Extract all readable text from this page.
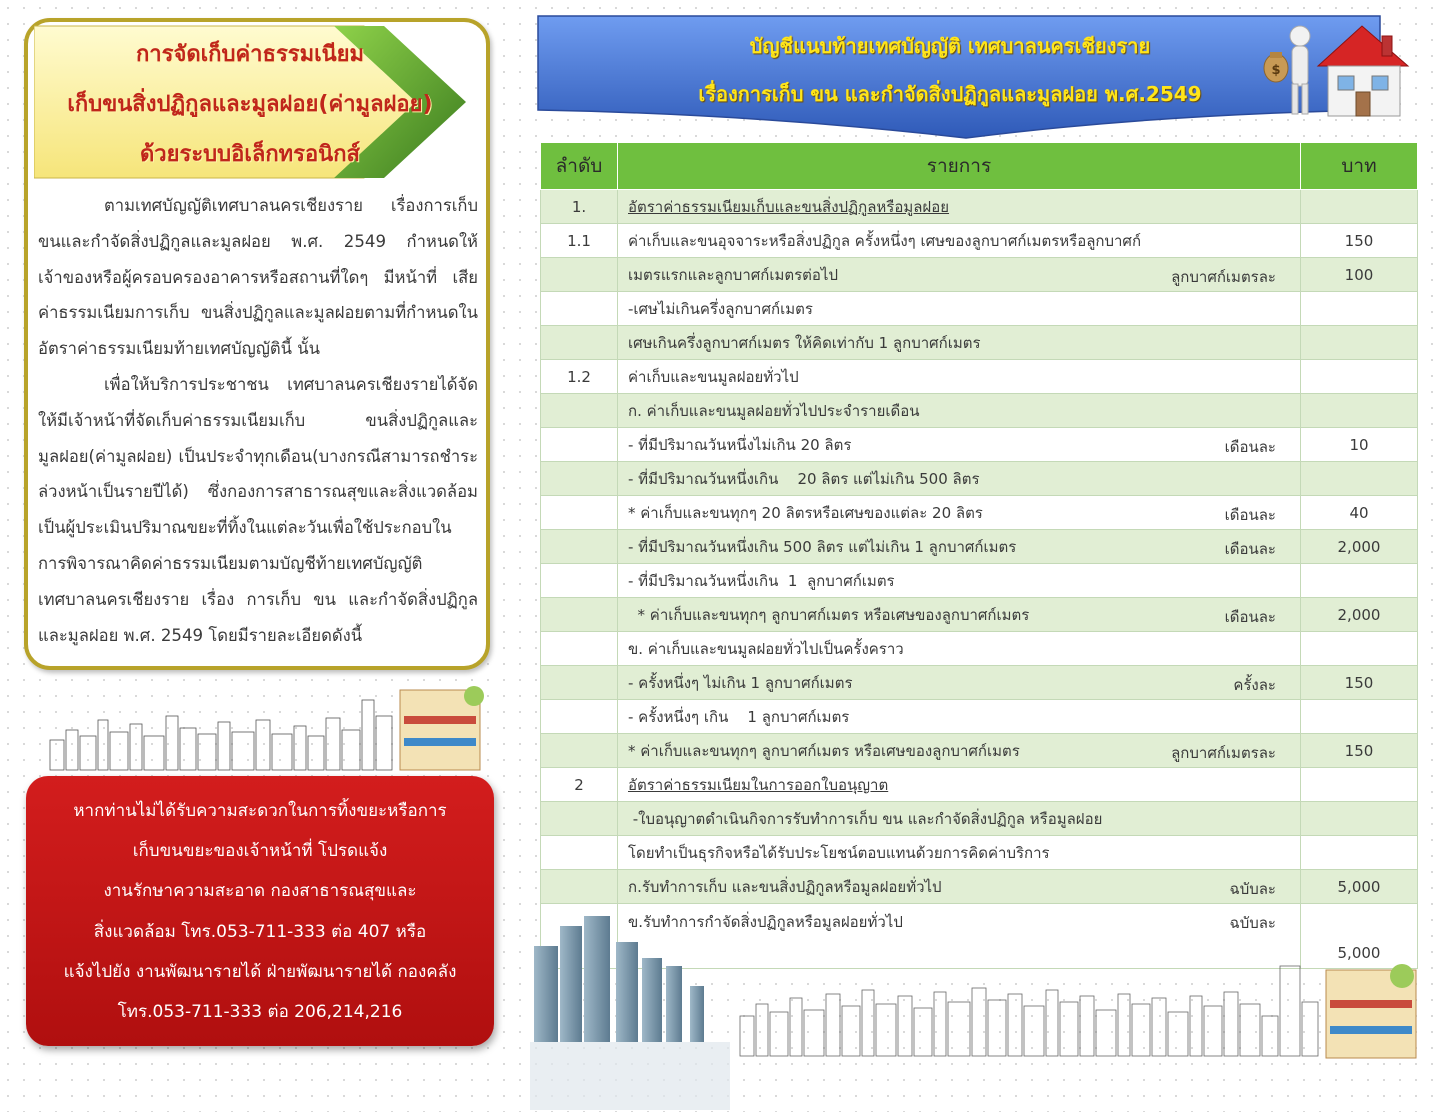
การจัดเก็บค่าธรรมเนียม
เก็บขนสิ่งปฏิกูลและมูลฝอย(ค่ามูลฝอย)
ด้วยระบบอิเล็กทรอนิกส์

ตามเทศบัญญัติเทศบาลนครเชียงราย เรื่องการเก็บขนและกำจัดสิ่งปฏิกูลและมูลฝอย พ.ศ. 2549 กำหนดให้เจ้าของหรือผู้ครอบครองอาคารหรือสถานที่ใดๆ มีหน้าที่ เสียค่าธรรมเนียมการเก็บ ขนสิ่งปฏิกูลและมูลฝอยตามที่กำหนดในอัตราค่าธรรมเนียมท้ายเทศบัญญัตินี้ นั้น

เพื่อให้บริการประชาชน เทศบาลนครเชียงรายได้จัดให้มีเจ้าหน้าที่จัดเก็บค่าธรรมเนียมเก็บ ขนสิ่งปฏิกูลและมูลฝอย(ค่ามูลฝอย) เป็นประจำทุกเดือน(บางกรณีสามารถชำระล่วงหน้าเป็นรายปีได้) ซึ่งกองการสาธารณสุขและสิ่งแวดล้อมเป็นผู้ประเมินปริมาณขยะที่ทิ้งในแต่ละวันเพื่อใช้ประกอบในการพิจารณาคิดค่าธรรมเนียมตามบัญชีท้ายเทศบัญญัติเทศบาลนครเชียงราย เรื่อง การเก็บ ขน และกำจัดสิ่งปฏิกูลและมูลฝอย พ.ศ. 2549 โดยมีรายละเอียดดังนี้

หากท่านไม่ได้รับความสะดวกในการทิ้งขยะหรือการ
เก็บขนขยะของเจ้าหน้าที่ โปรดแจ้ง
งานรักษาความสะอาด กองสาธารณสุขและ
สิ่งแวดล้อม โทร.053-711-333 ต่อ 407 หรือ
แจ้งไปยัง งานพัฒนารายได้ ฝ่ายพัฒนารายได้ กองคลัง
โทร.053-711-333 ต่อ 206,214,216
บัญชีแนบท้ายเทศบัญญัติ เทศบาลนครเชียงราย
เรื่องการเก็บ ขน และกำจัดสิ่งปฏิกูลและมูลฝอย พ.ศ.2549
$
ลำดับ	รายการ	บาท
1.	อัตราค่าธรรมเนียมเก็บและขนสิ่งปฏิกูลหรือมูลฝอย

1.1	ค่าเก็บและขนอุจจาระหรือสิ่งปฏิกูล ครั้งหนึ่งๆ เศษของลูกบาศก์เมตรหรือลูกบาศก์	150
	เมตรแรกและลูกบาศก์เมตรต่อไป ลูกบาศก์เมตรละ	100
	-เศษไม่เกินครึ่งลูกบาศก์เมตร

	เศษเกินครึ่งลูกบาศก์เมตร ให้คิดเท่ากับ 1 ลูกบาศก์เมตร

1.2	ค่าเก็บและขนมูลฝอยทั่วไป

	ก. ค่าเก็บและขนมูลฝอยทั่วไปประจำรายเดือน

	- ที่มีปริมาณวันหนึ่งไม่เกิน 20 ลิตร เดือนละ	10
	- ที่มีปริมาณวันหนึ่งเกิน    20 ลิตร แต่ไม่เกิน 500 ลิตร

	* ค่าเก็บและขนทุกๆ 20 ลิตรหรือเศษของแต่ละ 20 ลิตร เดือนละ	40
	- ที่มีปริมาณวันหนึ่งเกิน 500 ลิตร แต่ไม่เกิน 1 ลูกบาศก์เมตร เดือนละ	2,000
	- ที่มีปริมาณวันหนึ่งเกิน  1  ลูกบาศก์เมตร

	* ค่าเก็บและขนทุกๆ ลูกบาศก์เมตร หรือเศษของลูกบาศก์เมตร เดือนละ	2,000
	ข. ค่าเก็บและขนมูลฝอยทั่วไปเป็นครั้งคราว

	- ครั้งหนึ่งๆ ไม่เกิน 1 ลูกบาศก์เมตร ครั้งละ	150
	- ครั้งหนึ่งๆ เกิน    1 ลูกบาศก์เมตร

	* ค่าเก็บและขนทุกๆ ลูกบาศก์เมตร หรือเศษของลูกบาศก์เมตร ลูกบาศก์เมตรละ	150
2	อัตราค่าธรรมเนียมในการออกใบอนุญาต

	-ใบอนุญาตดำเนินกิจการรับทำการเก็บ ขน และกำจัดสิ่งปฏิกูล หรือมูลฝอย

	โดยทำเป็นธุรกิจหรือได้รับประโยชน์ตอบแทนด้วยการคิดค่าบริการ

	ก.รับทำการเก็บ และขนสิ่งปฏิกูลหรือมูลฝอยทั่วไป ฉบับละ	5,000
	ข.รับทำการกำจัดสิ่งปฏิกูลหรือมูลฝอยทั่วไป ฉบับละ	5,000
